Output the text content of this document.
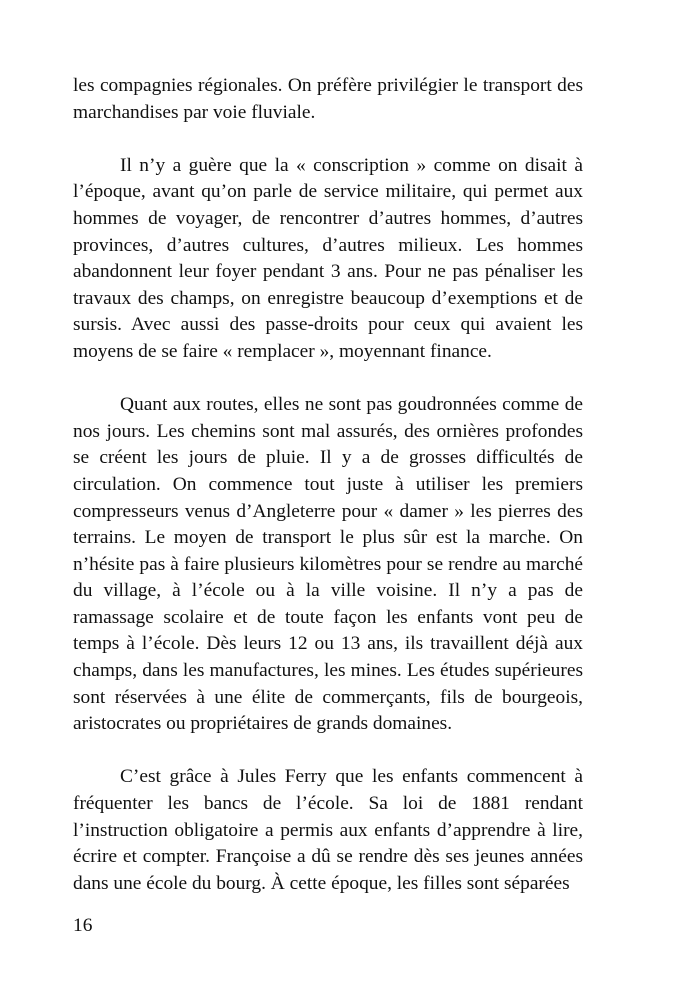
les compagnies régionales. On préfère privilégier le transport des marchandises par voie fluviale.

Il n’y a guère que la « conscription » comme on disait à l’époque, avant qu’on parle de service militaire, qui permet aux hommes de voyager, de rencontrer d’autres hommes, d’autres provinces, d’autres cultures, d’autres milieux. Les hommes abandonnent leur foyer pendant 3 ans. Pour ne pas pénaliser les travaux des champs, on enregistre beaucoup d’exemptions et de sursis. Avec aussi des passe-droits pour ceux qui avaient les moyens de se faire « remplacer », moyennant finance.

Quant aux routes, elles ne sont pas goudronnées comme de nos jours. Les chemins sont mal assurés, des ornières profondes se créent les jours de pluie. Il y a de grosses difficultés de circulation. On commence tout juste à utiliser les premiers compresseurs venus d’Angleterre pour « damer » les pierres des terrains. Le moyen de transport le plus sûr est la marche. On n’hésite pas à faire plusieurs kilomètres pour se rendre au marché du village, à l’école ou à la ville voisine. Il n’y a pas de ramassage scolaire et de toute façon les enfants vont peu de temps à l’école. Dès leurs 12 ou 13 ans, ils travaillent déjà aux champs, dans les manufactures, les mines. Les études supérieures sont réservées à une élite de commerçants, fils de bourgeois, aristocrates ou propriétaires de grands domaines.

C’est grâce à Jules Ferry que les enfants commencent à fréquenter les bancs de l’école. Sa loi de 1881 rendant l’instruction obligatoire a permis aux enfants d’apprendre à lire, écrire et compter. Françoise a dû se rendre dès ses jeunes années dans une école du bourg. À cette époque, les filles sont séparées

16
